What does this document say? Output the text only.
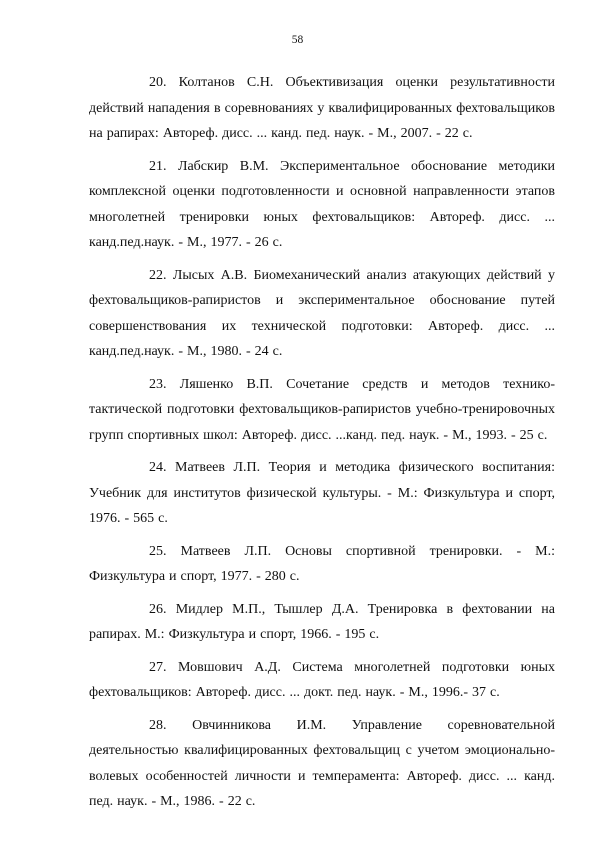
58

20. Колтанов С.Н. Объективизация оценки результативности действий нападения в соревнованиях у квалифицированных фехтовальщиков на рапирах: Автореф. дисс. ... канд. пед. наук. - М., 2007. - 22 с.

21. Лабскир В.М. Экспериментальное обоснование методики комплексной оценки подготовленности и основной направленности этапов многолетней тренировки юных фехтовальщиков: Автореф. дисс. ... канд.пед.наук. - М., 1977. - 26 с.

22. Лысых А.В. Биомеханический анализ атакующих действий у фехтовальщиков-рапиристов и экспериментальное обоснование путей совершенствования их технической подготовки: Автореф. дисс. ... канд.пед.наук. - М., 1980. - 24 с.

23. Ляшенко В.П. Сочетание средств и методов технико-тактической подготовки фехтовальщиков-рапиристов учебно-тренировочных групп спортивных школ: Автореф. дисс. ...канд. пед. наук. - М., 1993. - 25 с.

24. Матвеев Л.П. Теория и методика физического воспитания: Учебник для институтов физической культуры. - М.: Физкультура и спорт, 1976. - 565 с.

25. Матвеев Л.П. Основы спортивной тренировки. - М.: Физкультура и спорт, 1977. - 280 с.

26. Мидлер М.П., Тышлер Д.А. Тренировка в фехтовании на рапирах. М.: Физкультура и спорт, 1966. - 195 с.

27. Мовшович А.Д. Система многолетней подготовки юных фехтовальщиков: Автореф. дисс. ... докт. пед. наук. - М., 1996.- 37 с.

28. Овчинникова И.М. Управление соревновательной деятельностью квалифицированных фехтовальщиц с учетом эмоционально-волевых особенностей личности и темперамента: Автореф. дисс. ... канд. пед. наук. - М., 1986. - 22 с.
